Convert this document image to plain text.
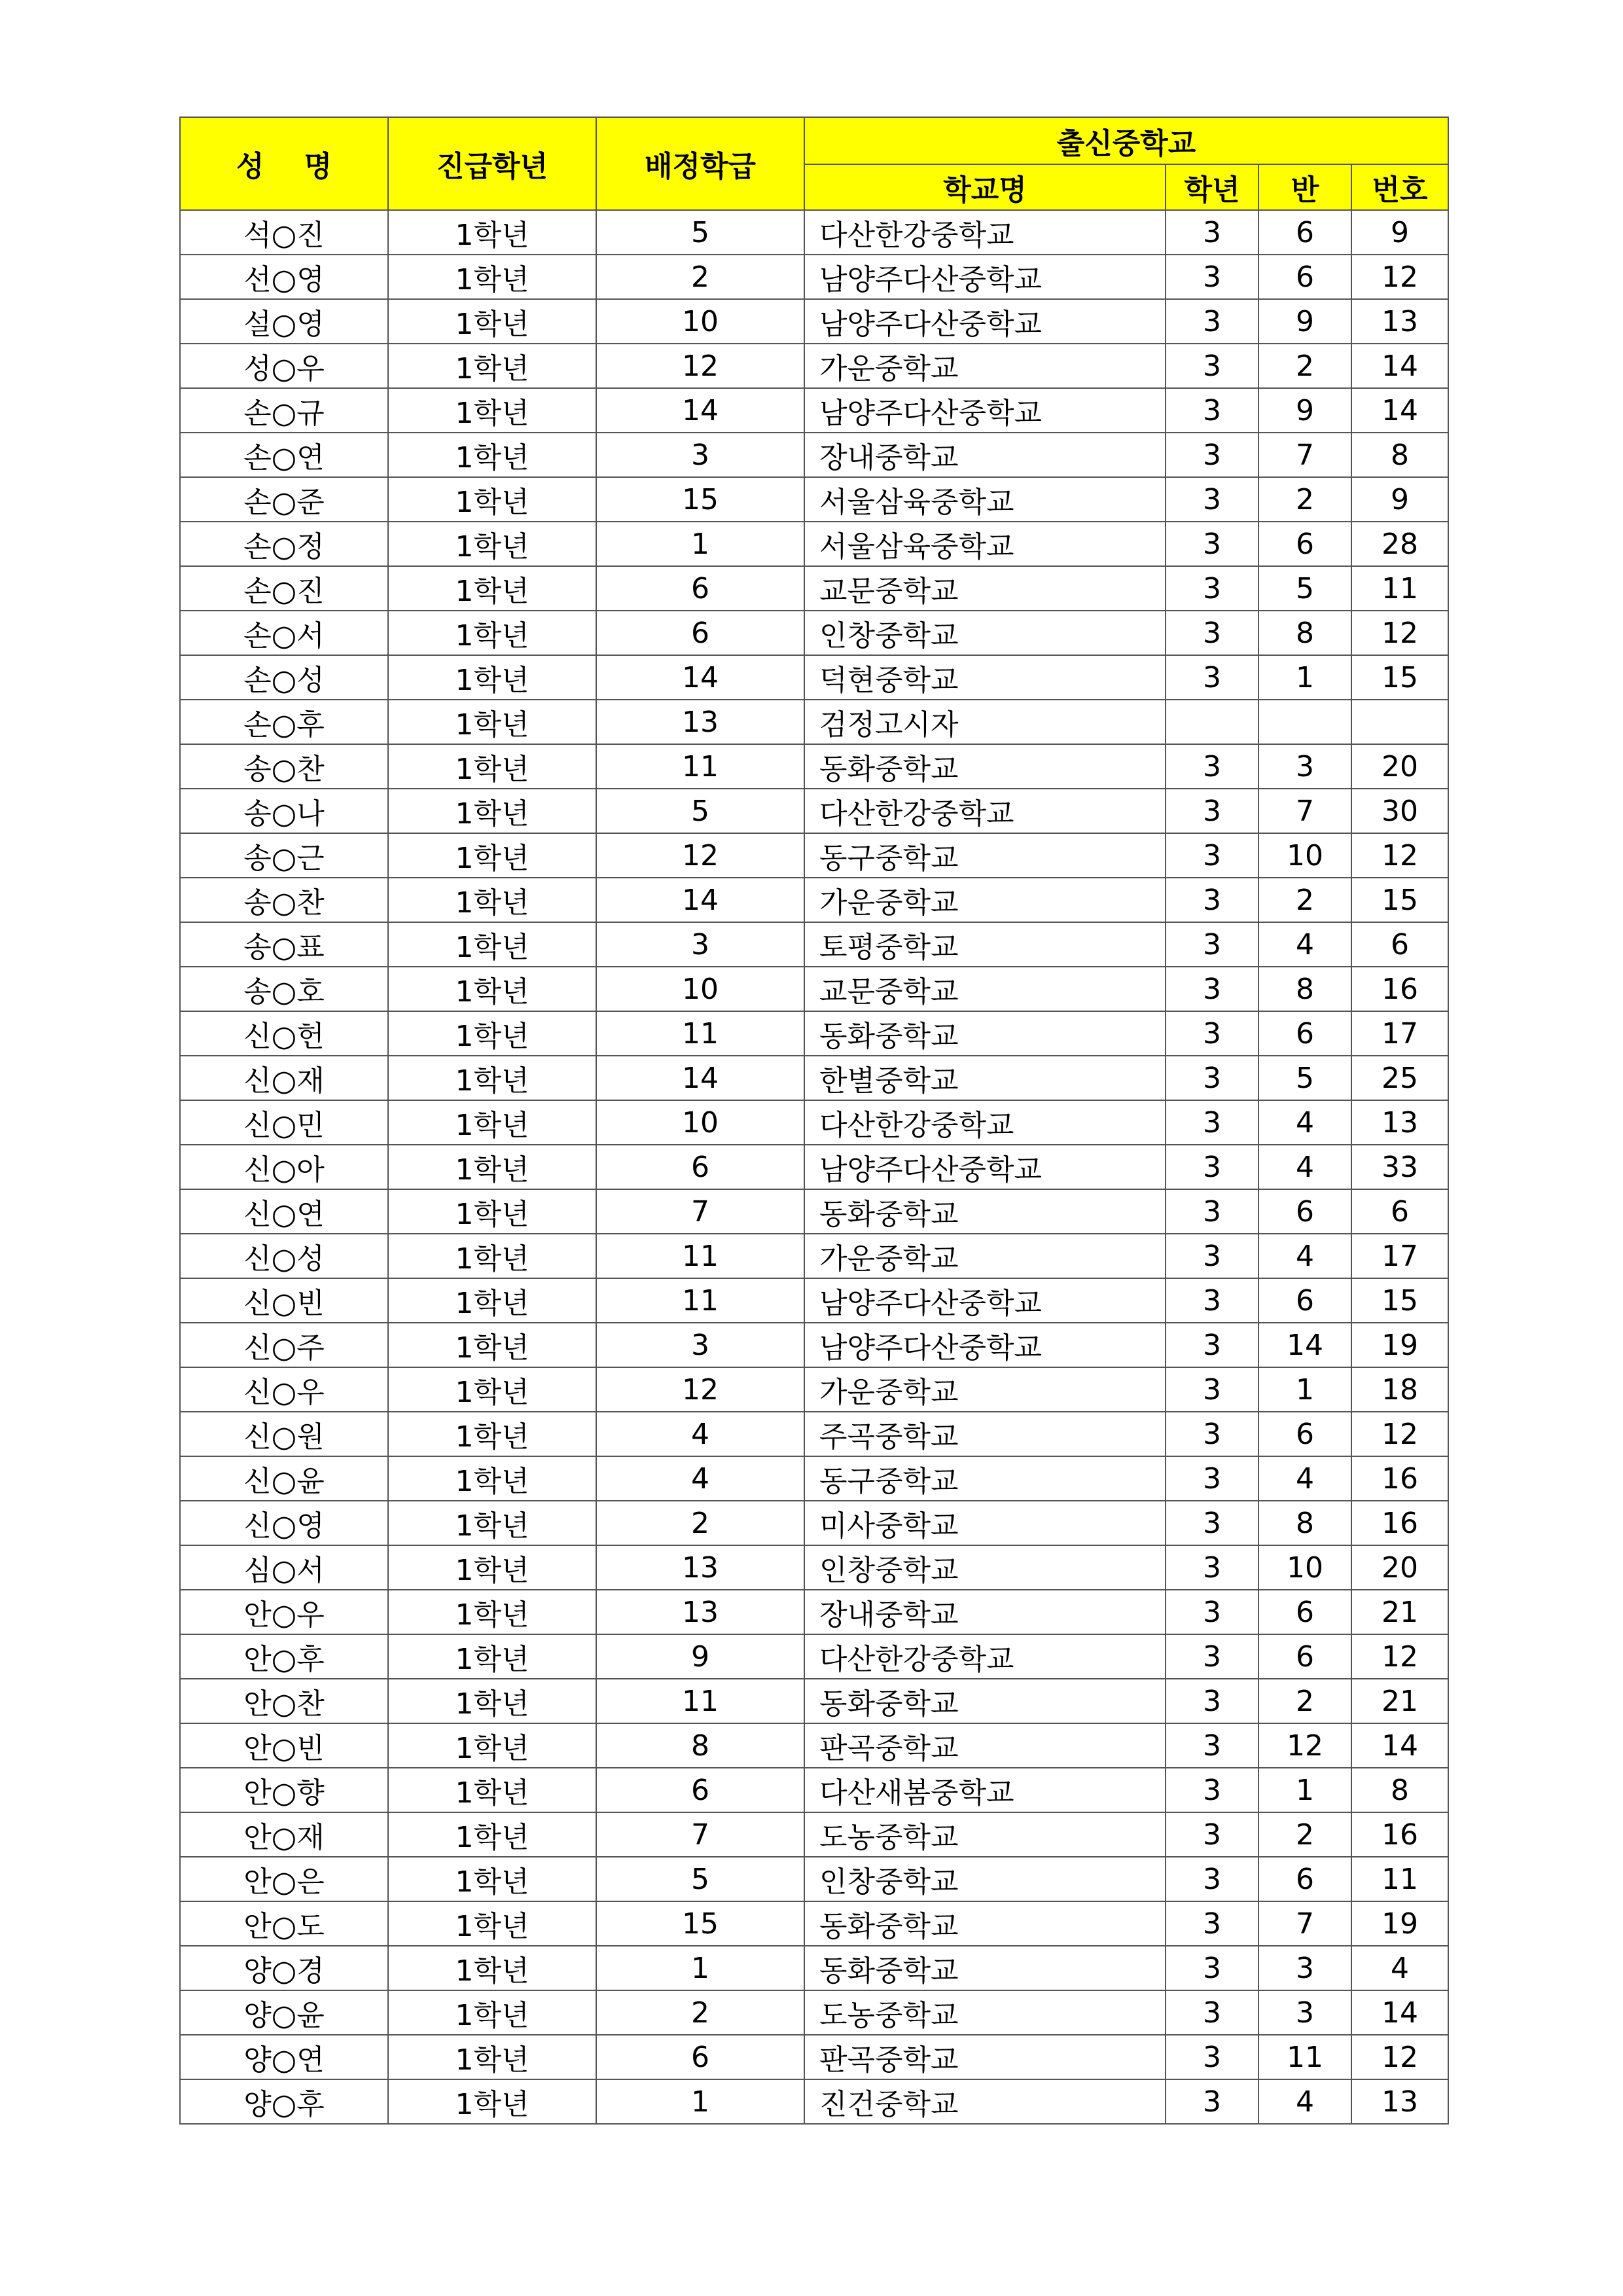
성    명	진급학년	배정학급	출신중학교			
			학교명	학년	반	번호
석○진	1학년	5	다산한강중학교	3	6	9
선○영	1학년	2	남양주다산중학교	3	6	12
설○영	1학년	10	남양주다산중학교	3	9	13
성○우	1학년	12	가운중학교	3	2	14
손○규	1학년	14	남양주다산중학교	3	9	14
손○연	1학년	3	장내중학교	3	7	8
손○준	1학년	15	서울삼육중학교	3	2	9
손○정	1학년	1	서울삼육중학교	3	6	28
손○진	1학년	6	교문중학교	3	5	11
손○서	1학년	6	인창중학교	3	8	12
손○성	1학년	14	덕현중학교	3	1	15
손○후	1학년	13	검정고시자			
송○찬	1학년	11	동화중학교	3	3	20
송○나	1학년	5	다산한강중학교	3	7	30
송○근	1학년	12	동구중학교	3	10	12
송○찬	1학년	14	가운중학교	3	2	15
송○표	1학년	3	토평중학교	3	4	6
송○호	1학년	10	교문중학교	3	8	16
신○헌	1학년	11	동화중학교	3	6	17
신○재	1학년	14	한별중학교	3	5	25
신○민	1학년	10	다산한강중학교	3	4	13
신○아	1학년	6	남양주다산중학교	3	4	33
신○연	1학년	7	동화중학교	3	6	6
신○성	1학년	11	가운중학교	3	4	17
신○빈	1학년	11	남양주다산중학교	3	6	15
신○주	1학년	3	남양주다산중학교	3	14	19
신○우	1학년	12	가운중학교	3	1	18
신○원	1학년	4	주곡중학교	3	6	12
신○윤	1학년	4	동구중학교	3	4	16
신○영	1학년	2	미사중학교	3	8	16
심○서	1학년	13	인창중학교	3	10	20
안○우	1학년	13	장내중학교	3	6	21
안○후	1학년	9	다산한강중학교	3	6	12
안○찬	1학년	11	동화중학교	3	2	21
안○빈	1학년	8	판곡중학교	3	12	14
안○향	1학년	6	다산새봄중학교	3	1	8
안○재	1학년	7	도농중학교	3	2	16
안○은	1학년	5	인창중학교	3	6	11
안○도	1학년	15	동화중학교	3	7	19
양○경	1학년	1	동화중학교	3	3	4
양○윤	1학년	2	도농중학교	3	3	14
양○연	1학년	6	판곡중학교	3	11	12
양○후	1학년	1	진건중학교	3	4	13
